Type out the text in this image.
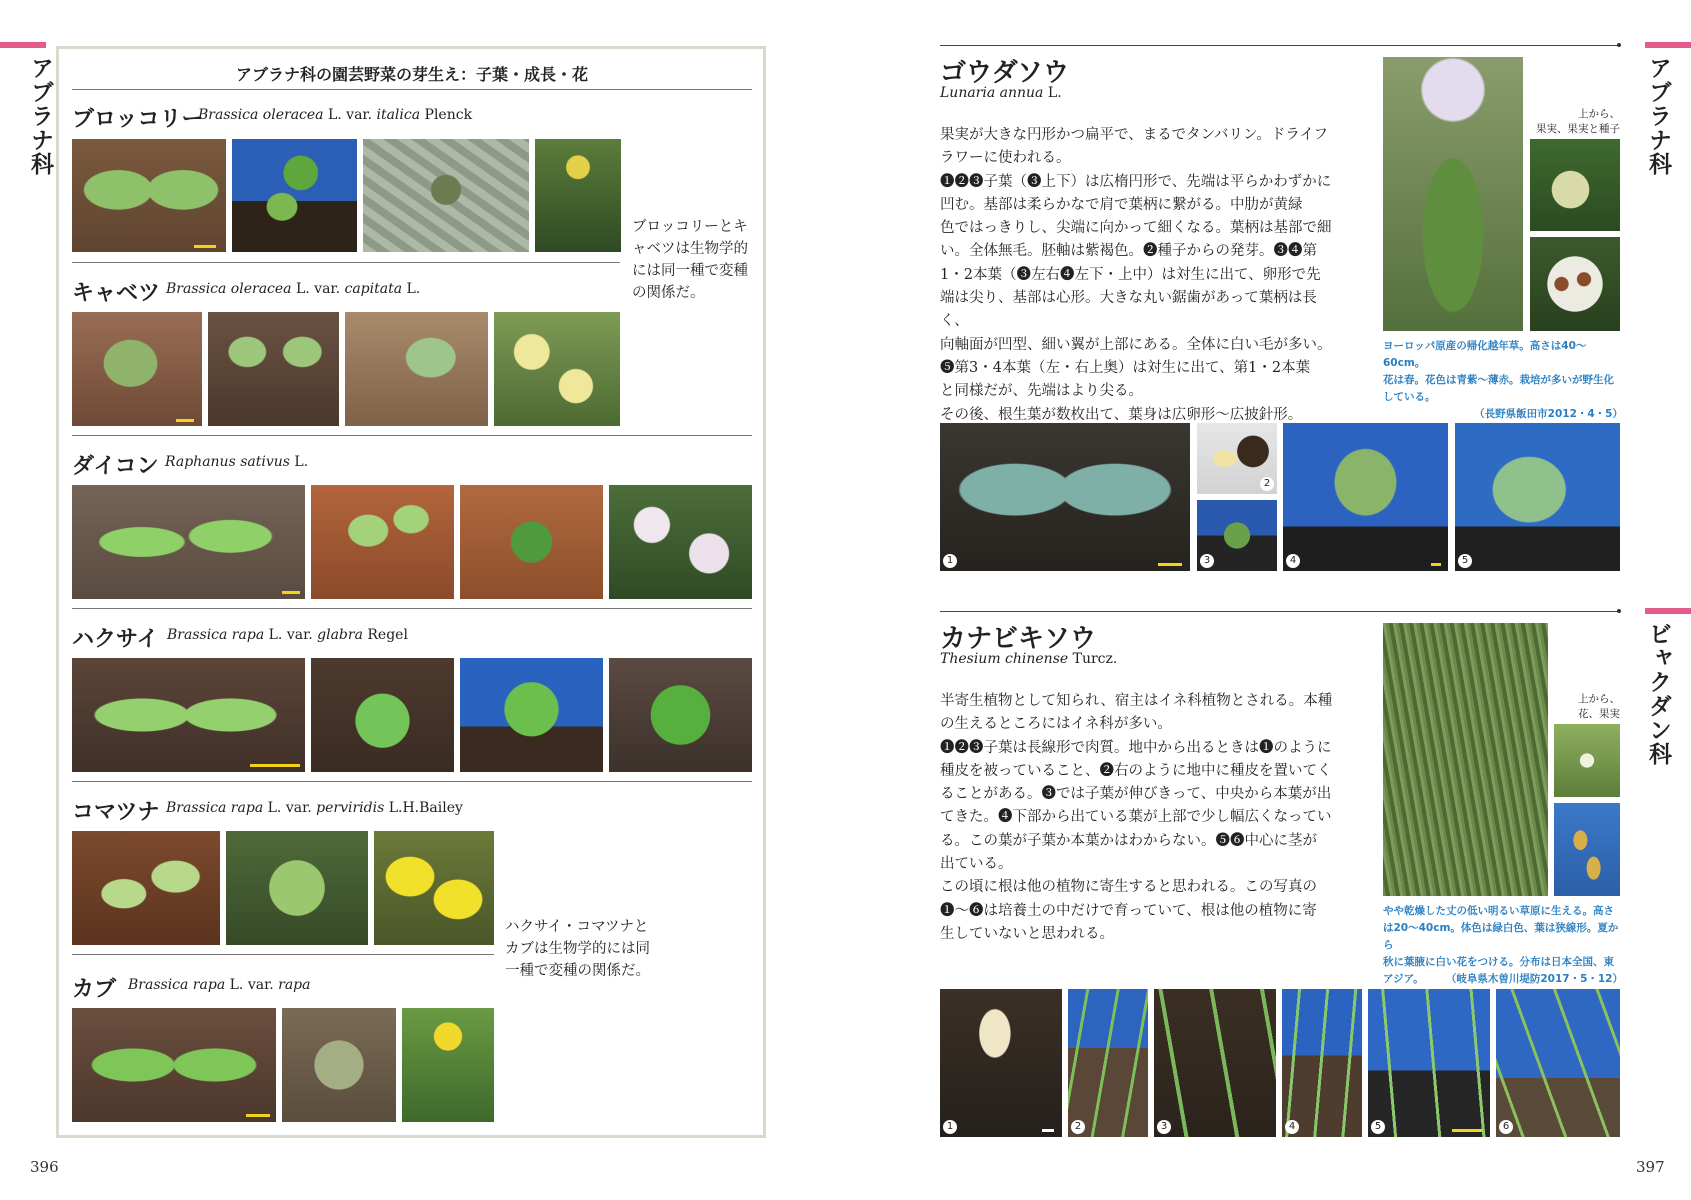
アブラナ科
396
アブラナ科の園芸野菜の芽生え：子葉・成長・花
ブロッコリー
Brassica oleracea L. var. italica Plenck
ブロッコリーとキ
ャベツは生物学的
には同一種で変種
の関係だ。
キャベツ Brassica oleracea L. var. capitata L.
ダイコン Raphanus sativus L.
ハクサイ Brassica rapa L. var. glabra Regel
コマツナ Brassica rapa L. var. perviridis L.H.Bailey
カブ Brassica rapa L. var. rapa
ハクサイ・コマツナと
カブは生物学的には同
一種で変種の関係だ。
アブラナ科
ビャクダン科
397
ゴウダソウ
Lunaria annua L.
果実が大きな円形かつ扁平で、まるでタンバリン。ドライフ
ラワーに使われる。
❶❷❸子葉（❸上下）は広楕円形で、先端は平らかわずかに
凹む。基部は柔らかなで肩で葉柄に繋がる。中肋が黄緑
色ではっきりし、尖端に向かって細くなる。葉柄は基部で細
い。全体無毛。胚軸は紫褐色。❷種子からの発芽。❸❹第
1・2本葉（❸左右❹左下・上中）は対生に出て、卵形で先
端は尖り、基部は心形。大きな丸い鋸歯があって葉柄は長く、
向軸面が凹型、細い翼が上部にある。全体に白い毛が多い。
❺第3・4本葉（左・右上奥）は対生に出て、第1・2本葉
と同様だが、先端はより尖る。
その後、根生葉が数枚出て、葉身は広卵形～広披針形。
上から、
果実、果実と種子
ヨーロッパ原産の帰化越年草。高さは40～60cm。
花は春。花色は青紫～薄赤。栽培が多いが野生化
している。
（長野県飯田市2012・4・5）
1
2
3	4	5
カナビキソウ
Thesium chinense Turcz.
半寄生植物として知られ、宿主はイネ科植物とされる。本種
の生えるところにはイネ科が多い。
❶❷❸子葉は長線形で肉質。地中から出るときは❶のように
種皮を被っていること、❷右のように地中に種皮を置いてく
ることがある。❸では子葉が伸びきって、中央から本葉が出
てきた。❹下部から出ている葉が上部で少し幅広くなってい
る。この葉が子葉か本葉かはわからない。❺❻中心に茎が
出ている。
この頃に根は他の植物に寄生すると思われる。この写真の
❶～❻は培養土の中だけで育っていて、根は他の植物に寄
生していないと思われる。
上から、
花、果実
やや乾燥した丈の低い明るい草原に生える。高さ
は20～40cm。体色は緑白色、葉は狭線形。夏から
秋に葉腋に白い花をつける。分布は日本全国、東
アジア。 （岐阜県木曽川堤防2017・5・12）
1	2	3	4	5	6
